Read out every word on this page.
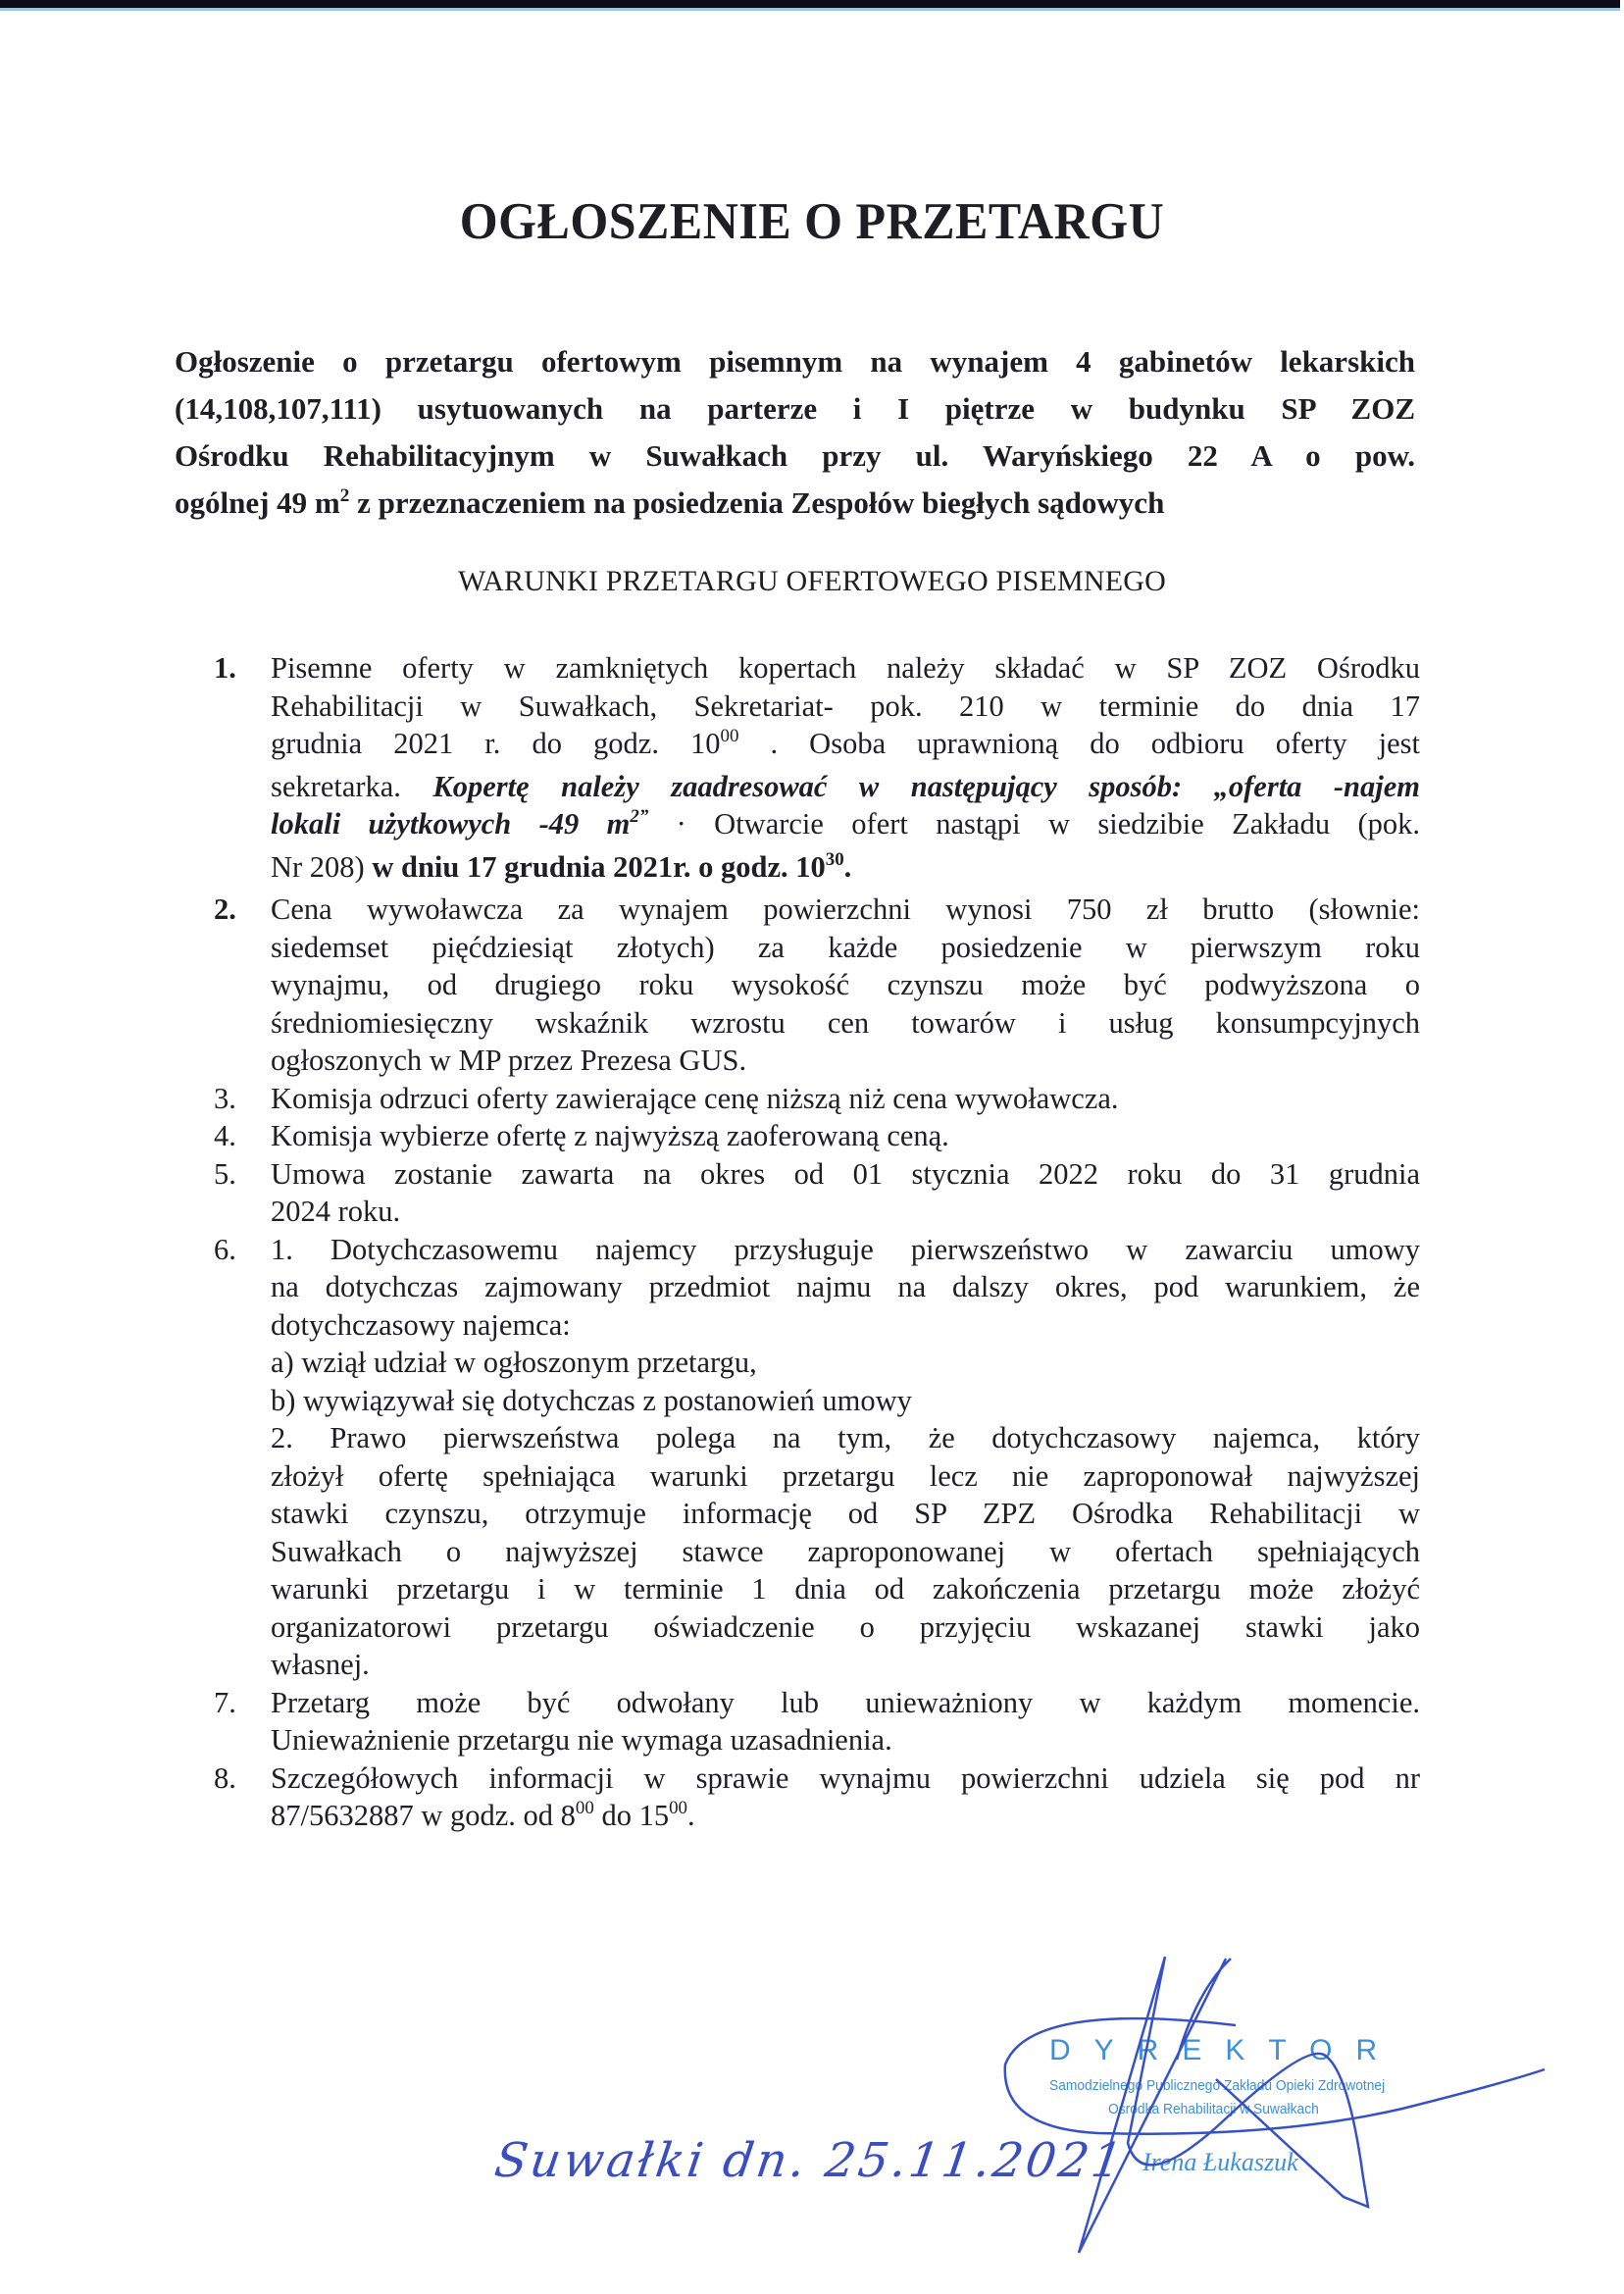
OGŁOSZENIE O PRZETARGU
Ogłoszenie o przetargu ofertowym pisemnym na wynajem 4 gabinetów lekarskich
(14,108,107,111) usytuowanych na parterze i I piętrze w budynku SP ZOZ
Ośrodku Rehabilitacyjnym w Suwałkach przy ul. Waryńskiego 22 A o pow.
ogólnej 49 $m^2$ z przeznaczeniem na posiedzenia Zespołów biegłych sądowych
WARUNKI PRZETARGU OFERTOWEGO PISEMNEGO
1. Pisemne oferty w zamkniętych kopertach należy składać w SP ZOZ Ośrodku
Rehabilitacji w Suwałkach, Sekretariat- pok. 210 w terminie do dnia 17
grudnia 2021 r. do godz. $10^{00}$ . Osoba uprawnioną do odbioru oferty jest
sekretarka. Kopertę należy zaadresować w następujący sposób: „oferta -najem
lokali użytkowych -49 $m^{2”}$ · Otwarcie ofert nastąpi w siedzibie Zakładu (pok.
Nr 208) w dniu 17 grudnia 2021r. o godz. $10^{30}$.
2. Cena wywoławcza za wynajem powierzchni wynosi 750 zł brutto (słownie:
siedemset pięćdziesiąt złotych) za każde posiedzenie w pierwszym roku
wynajmu, od drugiego roku wysokość czynszu może być podwyższona o
średniomiesięczny wskaźnik wzrostu cen towarów i usług konsumpcyjnych
ogłoszonych w MP przez Prezesa GUS.
3. Komisja odrzuci oferty zawierające cenę niższą niż cena wywoławcza.
4. Komisja wybierze ofertę z najwyższą zaoferowaną ceną.
5. Umowa zostanie zawarta na okres od 01 stycznia 2022 roku do 31 grudnia
2024 roku.
6. 1. Dotychczasowemu najemcy przysługuje pierwszeństwo w zawarciu umowy
na dotychczas zajmowany przedmiot najmu na dalszy okres, pod warunkiem, że
dotychczasowy najemca:
a) wziął udział w ogłoszonym przetargu,
b) wywiązywał się dotychczas z postanowień umowy
2. Prawo pierwszeństwa polega na tym, że dotychczasowy najemca, który
złożył ofertę spełniająca warunki przetargu lecz nie zaproponował najwyższej
stawki czynszu, otrzymuje informację od SP ZPZ Ośrodka Rehabilitacji w
Suwałkach o najwyższej stawce zaproponowanej w ofertach spełniających
warunki przetargu i w terminie 1 dnia od zakończenia przetargu może złożyć
organizatorowi przetargu oświadczenie o przyjęciu wskazanej stawki jako
własnej.
7. Przetarg może być odwołany lub unieważniony w każdym momencie.
Unieważnienie przetargu nie wymaga uzasadnienia.
8. Szczegółowych informacji w sprawie wynajmu powierzchni udziela się pod nr
87/5632887 w godz. od $8^{00}$ do $15^{00}$.
DYREKTOR
Samodzielnego Publicznego Zakładu Opieki Zdrowotnej
Ośrodka Rehabilitacji w Suwałkach
Irena Łukaszuk
Suwałki dn. 25.11.2021
